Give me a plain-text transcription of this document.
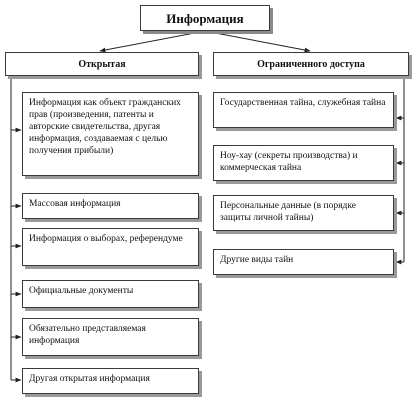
Информация
Открытая	Ограниченного доступа
Информация как объект гражданских прав (произведения, патенты и авторские свидетельства, другая информация, создаваемая с целью получения прибыли)
Массовая информация
Информация о выборах, референдуме
Официальные документы
Обязательно представляемая информация
Другая открытая информация
Государственная тайна, служебная тайна
Ноу-хау (секреты производства) и коммерческая тайна
Персональные данные (в порядке защиты личной тайны)
Другие виды тайн
